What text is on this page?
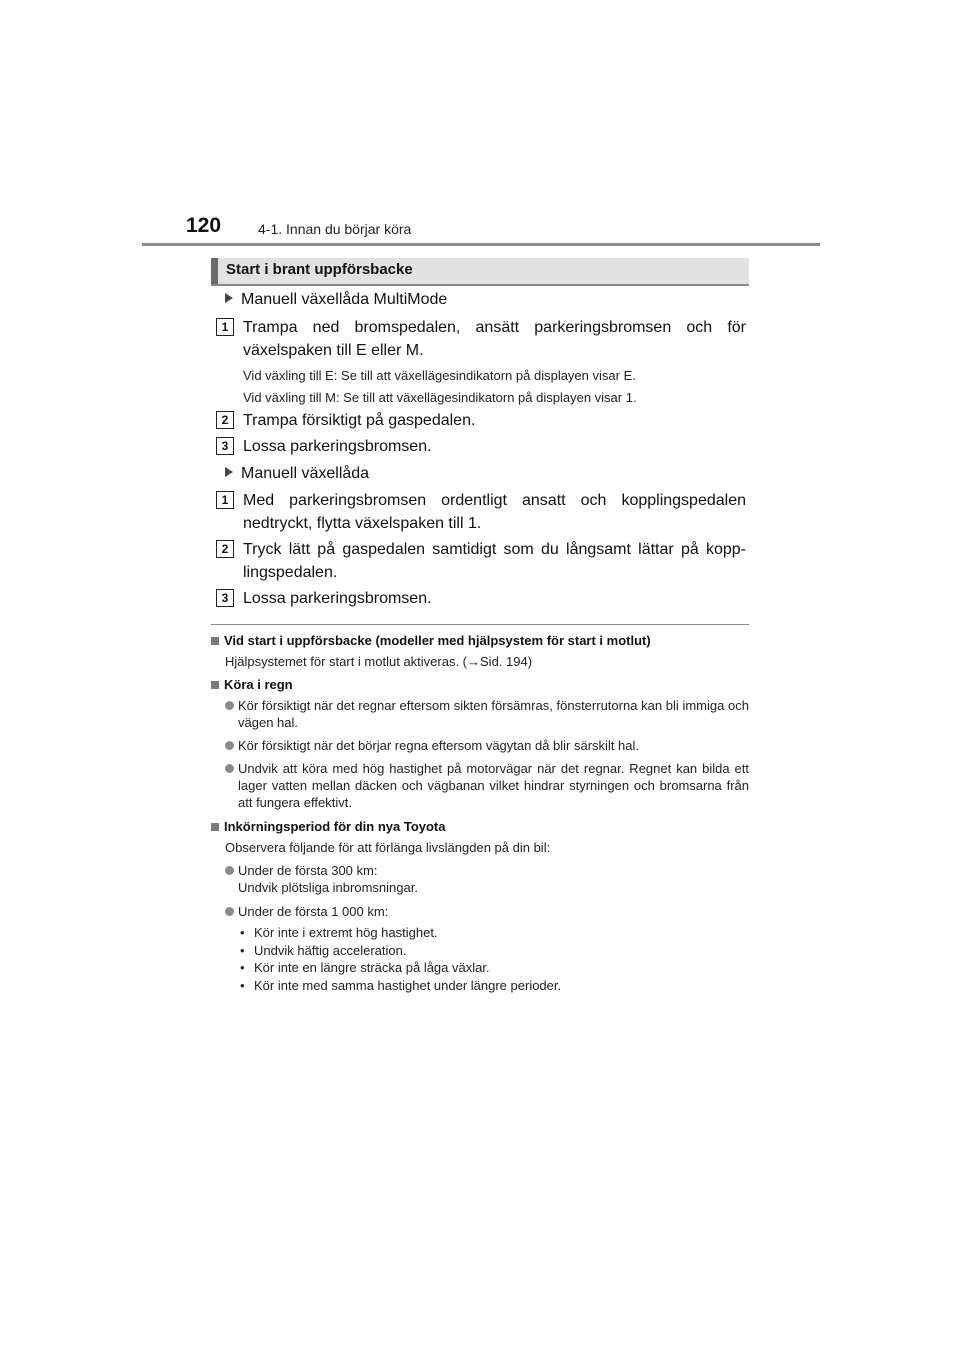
120	4-1. Innan du börjar köra
Start i brant uppförsbacke
Manuell växellåda MultiMode
1 Trampa ned bromspedalen, ansätt parkeringsbromsen och för växelspaken till E eller M.
Vid växling till E: Se till att växellägesindikatorn på displayen visar E.
Vid växling till M: Se till att växellägesindikatorn på displayen visar 1.
2 Trampa försiktigt på gaspedalen.
3 Lossa parkeringsbromsen.
Manuell växellåda
1 Med parkeringsbromsen ordentligt ansatt och kopplingspedalen nedtryckt, flytta växelspaken till 1.
2 Tryck lätt på gaspedalen samtidigt som du långsamt lättar på kopp-lingspedalen.
3 Lossa parkeringsbromsen.
Vid start i uppförsbacke (modeller med hjälpsystem för start i motlut)
Hjälpsystemet för start i motlut aktiveras. (→Sid. 194)
Köra i regn
Kör försiktigt när det regnar eftersom sikten försämras, fönsterrutorna kan bli immiga och vägen hal.
Kör försiktigt när det börjar regna eftersom vägytan då blir särskilt hal.
Undvik att köra med hög hastighet på motorvägar när det regnar. Regnet kan bilda ett lager vatten mellan däcken och vägbanan vilket hindrar styrningen och bromsarna från att fungera effektivt.
Inkörningsperiod för din nya Toyota
Observera följande för att förlänga livslängden på din bil:
Under de första 300 km:
Undvik plötsliga inbromsningar.
Under de första 1 000 km:
• Kör inte i extremt hög hastighet.
• Undvik häftig acceleration.
• Kör inte en längre sträcka på låga växlar.
• Kör inte med samma hastighet under längre perioder.
